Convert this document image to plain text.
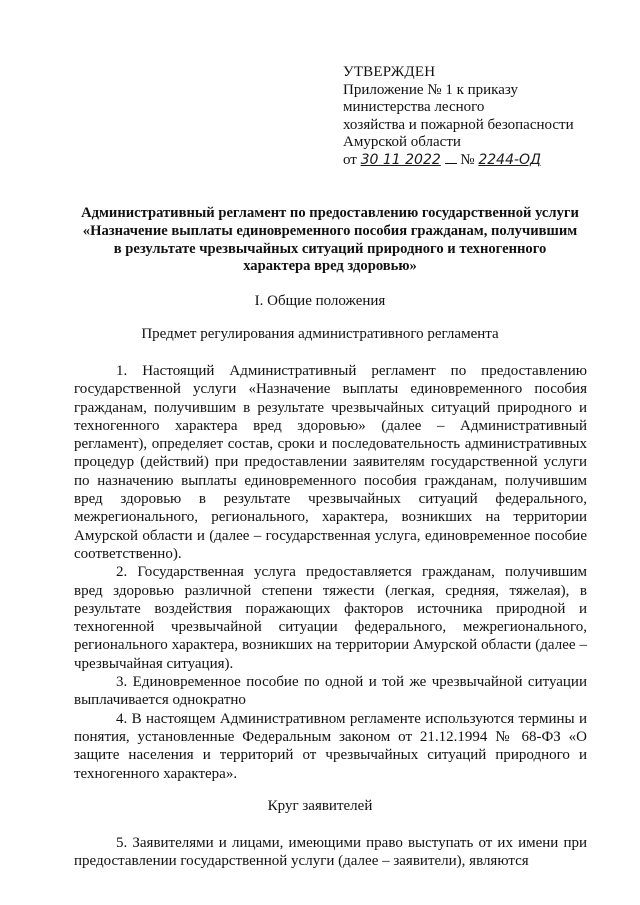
УТВЕРЖДЕН
Приложение № 1 к приказу
министерства лесного
хозяйства и пожарной безопасности
Амурской области
от 30 11 2022 № 2244-ОД
Административный регламент по предоставлению государственной услуги «Назначение выплаты единовременного пособия гражданам, получившим в результате чрезвычайных ситуаций природного и техногенного характера вред здоровью»
I. Общие положения
Предмет регулирования административного регламента

1. Настоящий Административный регламент по предоставлению государственной услуги «Назначение выплаты единовременного пособия гражданам, получившим в результате чрезвычайных ситуаций природного и техногенного характера вред здоровью» (далее – Административный регламент), определяет состав, сроки и последовательность административных процедур (действий) при предоставлении заявителям государственной услуги по назначению выплаты единовременного пособия гражданам, получившим вред здоровью в результате чрезвычайных ситуаций федерального, межрегионального, регионального, характера, возникших на территории Амурской области и (далее – государственная услуга, единовременное пособие соответственно).

2. Государственная услуга предоставляется гражданам, получившим вред здоровью различной степени тяжести (легкая, средняя, тяжелая), в результате воздействия поражающих факторов источника природной и техногенной чрезвычайной ситуации федерального, межрегионального, регионального характера, возникших на территории Амурской области (далее – чрезвычайная ситуация).

3. Единовременное пособие по одной и той же чрезвычайной ситуации выплачивается однократно

4. В настоящем Административном регламенте используются термины и понятия, установленные Федеральным законом от 21.12.1994 № 68-ФЗ «О защите населения и территорий от чрезвычайных ситуаций природного и техногенного характера».

Круг заявителей

5. Заявителями и лицами, имеющими право выступать от их имени при предоставлении государственной услуги (далее – заявители), являются
